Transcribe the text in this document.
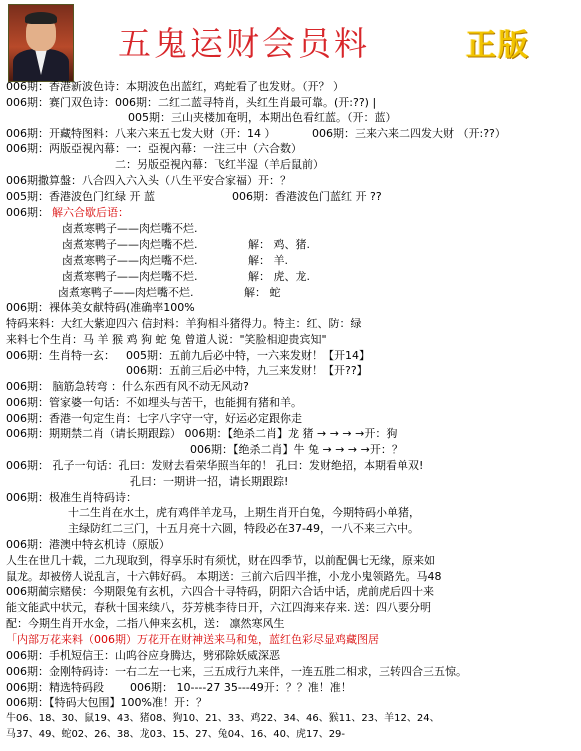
五鬼运财会员料	正版
006期：香港新波色诗：本期波色出蓝红，鸡蛇看了也发财。（开？ ）
006期：赛门双色诗：006期：二红二蓝寻特肖，头红生肖最可靠。(开:??) |
005期：三山夹楼加奄明，本期出色看红蓝。（开：蓝）
006期：开藏特图料：八来六来五七发大财（开：14 ）	006期：三来六来二四发大财 （开:??）
006期：两版亞視內幕：一：亞視內幕：一注三中（六合数）
二：另版亞視內幕：飞红半湿（羊后鼠前）
006期撒算盤：八合四入六入头（八生平安合家福）开：？
005期：香港波色门红绿 开 蓝	006期：香港波色门蓝红 开 ??
006期： 解六合歇后语：
卤煮寒鸭子——肉烂嘴不烂.
卤煮寒鸭子——肉烂嘴不烂.	解： 鸡、猪.
卤煮寒鸭子——肉烂嘴不烂.	解： 羊.
卤煮寒鸭子——肉烂嘴不烂.	解： 虎、龙.
卤煮寒鸭子——肉烂嘴不烂.	解： 蛇
006期：裸体美女献特码(准确率100%
特码来料：大红大紫迎四六 信封料：羊狗相斗猪得力。特主：红、防：绿
来料七个生肖：马 羊 猴 鸡 狗 蛇 兔 曾道人说："笑脸相迎贵宾知"
006期：生肖特一玄： 005期：五前九后必中特，一六来发财！【开14】
006期：五前三后必中特，九三来发财！【开??】
006期： 脑筋急转弯 ：什么东西有风不动无风动?
006期：管家婆一句话：不如埋头与苦干，也能拥有猪和羊。
006期：香港一句定生肖：七字八字守一守，好运必定跟你走
006期：期期禁二肖（请长期跟踪） 006期：【绝杀二肖】龙 猪 → → → →开：狗
006期：【绝杀二肖】牛 兔 → → → →开：？
006期： 孔子一句话：孔曰：发财去看荣华照当年的！ 孔曰：发财绝招，本期看单双!
孔曰：一期讲一招，请长期跟踪!
006期：极准生肖特码诗：
十二生肖在水土，虎有鸡伴羊龙马，上期生肖开白兔，今期特码小单猪，
主绿防红二三门，十五月亮十六圆，特段必在37-49，一八不来三六中。
006期：港澳中特玄机诗（原版）
人生在世几十载，二九现取到，得享乐时有须忧，财在四季节，以前配偶七无缘，原来如
鼠龙。却被傍人说乱言，十六韩好码。 本期送：三前六后四半推，小龙小鬼领路先。马48
006期蔺宗赌侯：今期限兔有玄机，六四合十寻特码，阴阳六合话中话，虎前虎后四十来
能文能武中状元，春秋十国来续八，芬芳桃李待日开，六江四海来存来. 送：四八要分明
配：今期生肖开水金，二指八伸来玄机，送： 凛然寒风生
「内部万花来料（006期）万花开在财神送来马和兔，蓝红色彩尽显鸡藏图居
006期：手机短信王：山呜谷应身腾达，劈邪除妖威深恶
006期：金刚特码诗：一右二左一七来，三五成行九来伴，一连五胜二相求，三转四合三五惊。
006期：精选特码段 006期： 10----27 35---49开：？？准！准！
006期：【特码大包围】100%准！开：？
牛06、18、30、鼠19、43、猪08、狗10、21、33、鸡22、34、46、猴11、23、羊12、24、
马37、49、蛇02、26、38、龙03、15、27、兔04、16、40、虎17、29-
